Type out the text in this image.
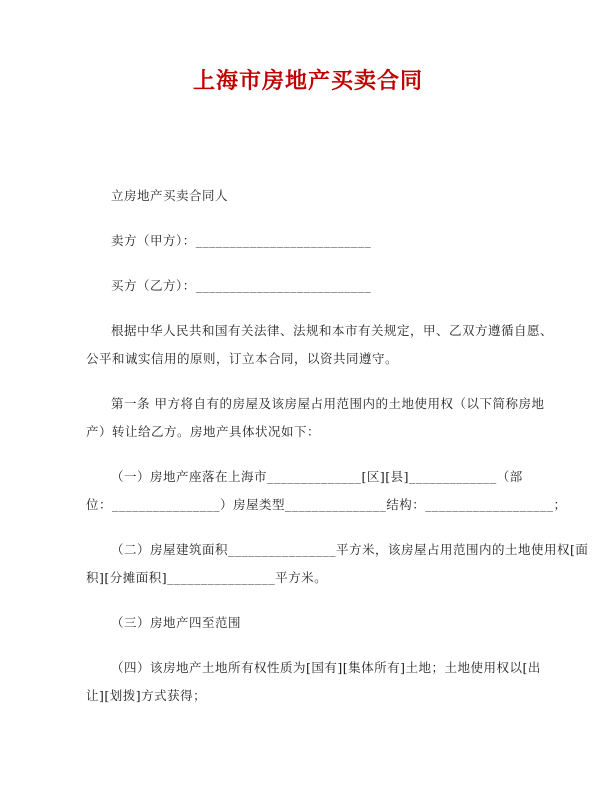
上海市房地产买卖合同
立房地产买卖合同人
卖方（甲方）：__________________________
买方（乙方）：__________________________
根据中华人民共和国有关法律、法规和本市有关规定，甲、乙双方遵循自愿、
公平和诚实信用的原则，订立本合同，以资共同遵守。
第一条 甲方将自有的房屋及该房屋占用范围内的土地使用权（以下简称房地
产）转让给乙方。房地产具体状况如下：
（一）房地产座落在上海市______________[区][县]_____________（部
位：________________）房屋类型_______________结构：___________________；
（二）房屋建筑面积________________平方米，该房屋占用范围内的土地使用权[面
积][分摊面积]________________平方米。
（三）房地产四至范围
（四）该房地产土地所有权性质为[国有][集体所有]土地；土地使用权以[出
让][划拨]方式获得；
